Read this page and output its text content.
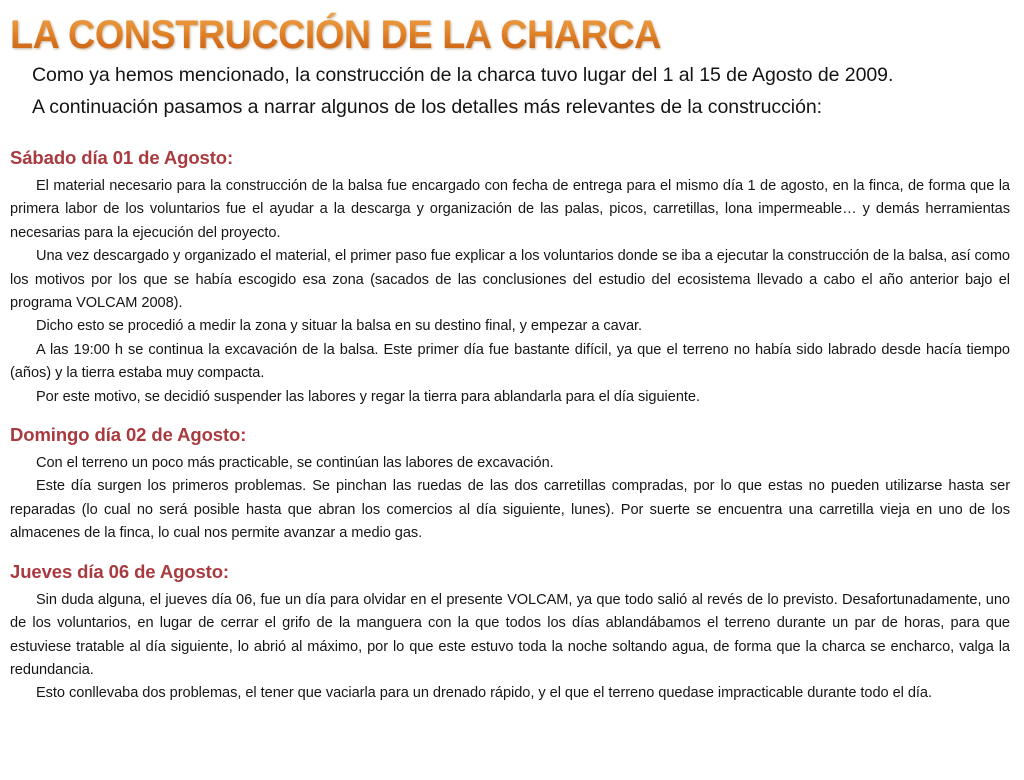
LA CONSTRUCCIÓN DE LA CHARCA

Como ya hemos mencionado, la construcción de la charca tuvo lugar del 1 al 15 de Agosto de 2009.

A continuación pasamos a narrar algunos de los detalles más relevantes de la construcción:

Sábado día 01 de Agosto:

El material necesario para la construcción de la balsa fue encargado con fecha de entrega para el mismo día 1 de agosto, en la finca, de forma que la primera labor de los voluntarios fue el ayudar a la descarga y organización de las palas, picos, carretillas, lona impermeable… y demás herramientas necesarias para la ejecución del proyecto.

Una vez descargado y organizado el material, el primer paso fue explicar a los voluntarios donde se iba a ejecutar la construcción de la balsa, así como los motivos por los que se había escogido esa zona (sacados de las conclusiones del estudio del ecosistema llevado a cabo el año anterior bajo el programa VOLCAM 2008).

Dicho esto se procedió a medir la zona y situar la balsa en su destino final, y empezar a cavar.

A las 19:00 h se continua la excavación de la balsa. Este primer día fue bastante difícil, ya que el terreno no había sido labrado desde hacía tiempo (años) y la tierra estaba muy compacta.

Por este motivo, se decidió suspender las labores y regar la tierra para ablandarla para el día siguiente.

Domingo día 02 de Agosto:

Con el terreno un poco más practicable, se continúan las labores de excavación.

Este día surgen los primeros problemas. Se pinchan las ruedas de las dos carretillas compradas, por lo que estas no pueden utilizarse hasta ser reparadas (lo cual no será posible hasta que abran los comercios al día siguiente, lunes). Por suerte se encuentra una carretilla vieja en uno de los almacenes de la finca, lo cual nos permite avanzar a medio gas.

Jueves día 06 de Agosto:

Sin duda alguna, el jueves día 06, fue un día para olvidar en el presente VOLCAM, ya que todo salió al revés de lo previsto. Desafortunadamente, uno de los voluntarios, en lugar de cerrar el grifo de la manguera con la que todos los días ablandábamos el terreno durante un par de horas, para que estuviese tratable al día siguiente, lo abrió al máximo, por lo que este estuvo toda la noche soltando agua, de forma que la charca se encharco, valga la redundancia.

Esto conllevaba dos problemas, el tener que vaciarla para un drenado rápido, y el que el terreno quedase impracticable durante todo el día.
